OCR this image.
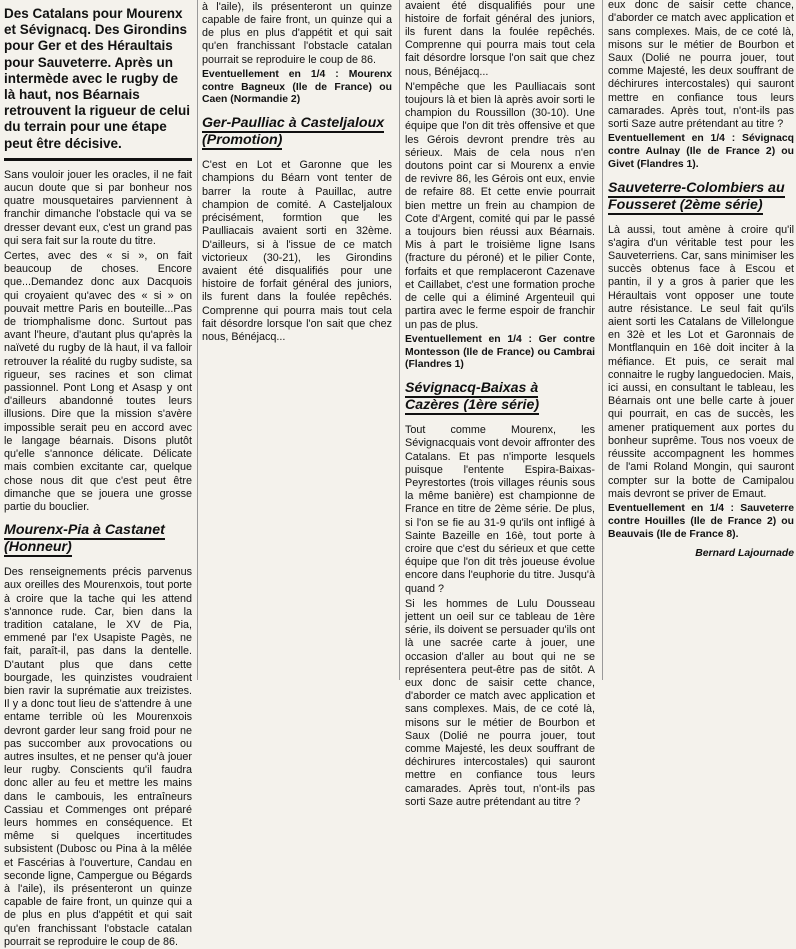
Des Catalans pour Mourenx et Sévignacq. Des Girondins pour Ger et des Héraultais pour Sauveterre. Après un intermède avec le rugby de là haut, nos Béarnais retrouvent la rigueur de celui du terrain pour une étape peut être décisive.

Sans vouloir jouer les oracles, il ne fait aucun doute que si par bonheur nos quatre mousquetaires parviennent à franchir dimanche l'obstacle qui va se dresser devant eux, c'est un grand pas qui sera fait sur la route du titre.

Certes, avec des « si », on fait beaucoup de choses. Encore que...Demandez donc aux Dacquois qui croyaient qu'avec des « si » on pouvait mettre Paris en bouteille...Pas de triomphalisme donc. Surtout pas avant l'heure, d'autant plus qu'après la naïveté du rugby de là haut, il va falloir retrouver la réalité du rugby sudiste, sa rigueur, ses racines et son climat passionnel. Pont Long et Asasp y ont d'ailleurs abandonné toutes leurs illusions. Dire que la mission s'avère impossible serait peu en accord avec le langage béarnais. Disons plutôt qu'elle s'annonce délicate. Délicate mais combien excitante car, quelque chose nous dit que c'est peut être dimanche que se jouera une grosse partie du bouclier.

Mourenx-Pia à Castanet (Honneur)

Des renseignements précis parvenus aux oreilles des Mourenxois, tout porte à croire que la tache qui les attend s'annonce rude. Car, bien dans la tradition catalane, le XV de Pia, emmené par l'ex Usapiste Pagès, ne fait, paraît-il, pas dans la dentelle. D'autant plus que dans cette bourgade, les quinzistes voudraient bien ravir la suprématie aux treizistes. Il y a donc tout lieu de s'attendre à une entame terrible où les Mourenxois devront garder leur sang froid pour ne pas succomber aux provocations ou autres insultes, et ne penser qu'à jouer leur rugby. Conscients qu'il faudra donc aller au feu et mettre les mains dans le cambouis, les entraîneurs Cassiau et Commenges ont préparé leurs hommes en conséquence. Et même si quelques incertitudes subsistent (Dubosc ou Pina à la mêlée et Fascérias à l'ouverture, Candau en seconde ligne, Campergue ou Bégards à l'aile), ils présenteront un quinze capable de faire front, un quinze qui a de plus en plus d'appétit et qui sait qu'en franchissant l'obstacle catalan pourrait se reproduire le coup de 86.

à l'aile), ils présenteront un quinze capable de faire front, un quinze qui a de plus en plus d'appétit et qui sait qu'en franchissant l'obstacle catalan pourrait se reproduire le coup de 86.

Eventuellement en 1/4 : Mourenx contre Bagneux (Ile de France) ou Caen (Normandie 2)

Ger-Paulliac à Casteljaloux (Promotion)

C'est en Lot et Garonne que les champions du Béarn vont tenter de barrer la route à Pauillac, autre champion de comité. A Casteljaloux précisément, formtion que les Paulliacais avaient sorti en 32ème. D'ailleurs, si à l'issue de ce match victorieux (30-21), les Girondins avaient été disqualifiés pour une histoire de forfait général des juniors, ils furent dans la foulée repêchés. Comprenne qui pourra mais tout cela fait désordre lorsque l'on sait que chez nous, Bénéjacq...

avaient été disqualifiés pour une histoire de forfait général des juniors, ils furent dans la foulée repêchés. Comprenne qui pourra mais tout cela fait désordre lorsque l'on sait que chez nous, Bénéjacq...

N'empêche que les Paulliacais sont toujours là et bien là après avoir sorti le champion du Roussillon (30-10). Une équipe que l'on dit très offensive et que les Gérois devront prendre très au sérieux. Mais de cela nous n'en doutons point car si Mourenx a envie de revivre 86, les Gérois ont eux, envie de refaire 88. Et cette envie pourrait bien mettre un frein au champion de Cote d'Argent, comité qui par le passé a toujours bien réussi aux Béarnais. Mis à part le troisième ligne Isans (fracture du péroné) et le pilier Conte, forfaits et que remplaceront Cazenave et Caillabet, c'est une formation proche de celle qui a éliminé Argenteuil qui partira avec le ferme espoir de franchir un pas de plus.

Eventuellement en 1/4 : Ger contre Montesson (Ile de France) ou Cambrai (Flandres 1)

Sévignacq-Baixas à Cazères (1ère série)

Tout comme Mourenx, les Sévignacquais vont devoir affronter des Catalans. Et pas n'importe lesquels puisque l'entente Espira-Baixas-Peyrestortes (trois villages réunis sous la même banière) est championne de France en titre de 2ème série. De plus, si l'on se fie au 31-9 qu'ils ont infligé à Sainte Bazeille en 16è, tout porte à croire que c'est du sérieux et que cette équipe que l'on dit très joueuse évolue encore dans l'euphorie du titre. Jusqu'à quand ?

Si les hommes de Lulu Dousseau jettent un oeil sur ce tableau de 1ère série, ils doivent se persuader qu'ils ont là une sacrée carte à jouer, une occasion d'aller au bout qui ne se représentera peut-être pas de sitôt. A eux donc de saisir cette chance, d'aborder ce match avec application et sans complexes. Mais, de ce coté là, misons sur le métier de Bourbon et Saux (Dolié ne pourra jouer, tout comme Majesté, les deux souffrant de déchirures intercostales) qui sauront mettre en confiance tous leurs camarades. Après tout, n'ont-ils pas sorti Saze autre prétendant au titre ?

eux donc de saisir cette chance, d'aborder ce match avec application et sans complexes. Mais, de ce coté là, misons sur le métier de Bourbon et Saux (Dolié ne pourra jouer, tout comme Majesté, les deux souffrant de déchirures intercostales) qui sauront mettre en confiance tous leurs camarades. Après tout, n'ont-ils pas sorti Saze autre prétendant au titre ?

Eventuellement en 1/4 : Sévignacq contre Aulnay (Ile de France 2) ou Givet (Flandres 1).

Sauveterre-Colombiers au Fousseret (2ème série)

Là aussi, tout amène à croire qu'il s'agira d'un véritable test pour les Sauveterriens. Car, sans minimiser les succès obtenus face à Escou et pantin, il y a gros à parier que les Héraultais vont opposer une toute autre résistance. Le seul fait qu'ils aient sorti les Catalans de Villelongue en 32è et les Lot et Garonnais de Montflanquin en 16è doit inciter à la méfiance. Et puis, ce serait mal connaitre le rugby languedocien. Mais, ici aussi, en consultant le tableau, les Béarnais ont une belle carte à jouer qui pourrait, en cas de succès, les amener pratiquement aux portes du bonheur suprême. Tous nos voeux de réussite accompagnent les hommes de l'ami Roland Mongin, qui sauront compter sur la botte de Camipalou mais devront se priver de Emaut.

Eventuellement en 1/4 : Sauveterre contre Houilles (Ile de France 2) ou Beauvais (Ile de France 8).

Bernard Lajournade
